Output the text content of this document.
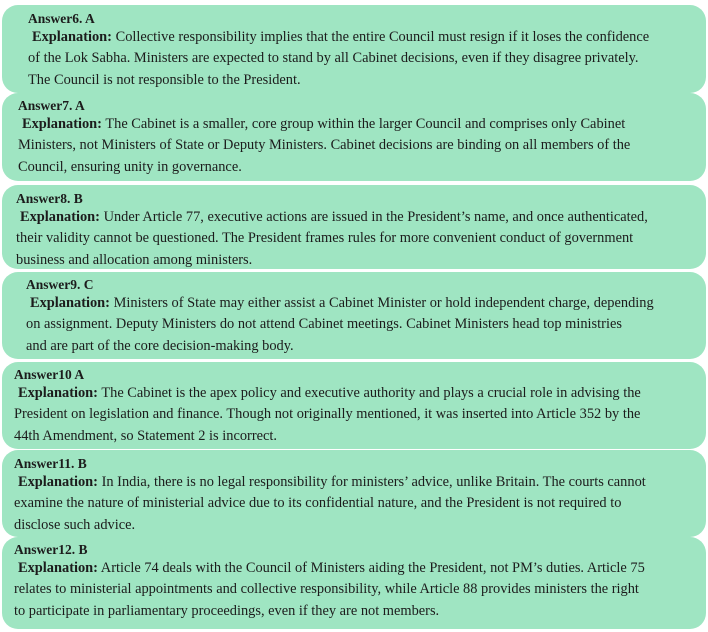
Answer6. A
Explanation: Collective responsibility implies that the entire Council must resign if it loses the confidence
of the Lok Sabha. Ministers are expected to stand by all Cabinet decisions, even if they disagree privately.
The Council is not responsible to the President.
Answer7. A
Explanation: The Cabinet is a smaller, core group within the larger Council and comprises only Cabinet
Ministers, not Ministers of State or Deputy Ministers. Cabinet decisions are binding on all members of the
Council, ensuring unity in governance.
Answer8. B
Explanation: Under Article 77, executive actions are issued in the President’s name, and once authenticated,
their validity cannot be questioned. The President frames rules for more convenient conduct of government
business and allocation among ministers.
Answer9. C
Explanation: Ministers of State may either assist a Cabinet Minister or hold independent charge, depending
on assignment. Deputy Ministers do not attend Cabinet meetings. Cabinet Ministers head top ministries
and are part of the core decision-making body.
Answer10 A
Explanation: The Cabinet is the apex policy and executive authority and plays a crucial role in advising the
President on legislation and finance. Though not originally mentioned, it was inserted into Article 352 by the
44th Amendment, so Statement 2 is incorrect.
Answer11. B
Explanation: In India, there is no legal responsibility for ministers’ advice, unlike Britain. The courts cannot
examine the nature of ministerial advice due to its confidential nature, and the President is not required to
disclose such advice.
Answer12. B
Explanation: Article 74 deals with the Council of Ministers aiding the President, not PM’s duties. Article 75
relates to ministerial appointments and collective responsibility, while Article 88 provides ministers the right
to participate in parliamentary proceedings, even if they are not members.
